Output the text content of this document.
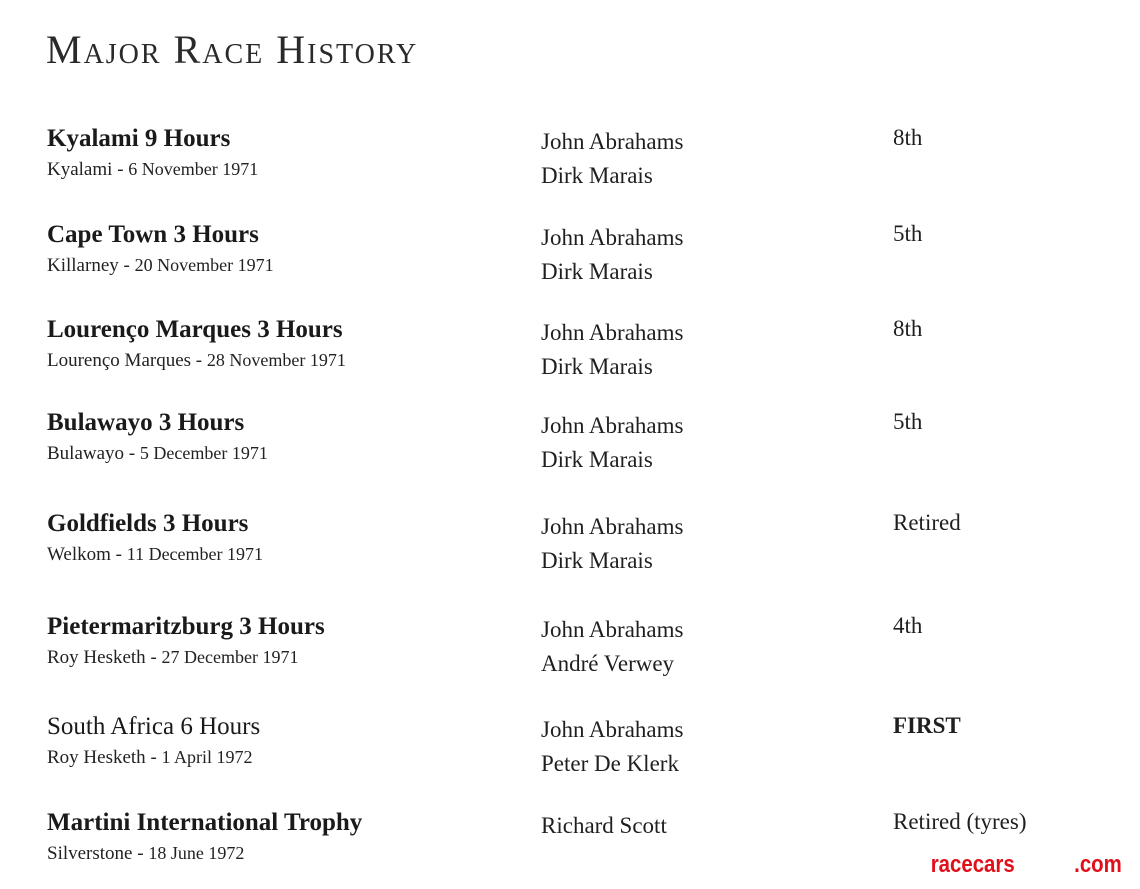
Major Race History
Kyalami 9 Hours
Kyalami - 6 November 1971
John Abrahams
Dirk Marais
8th
Cape Town 3 Hours
Killarney - 20 November 1971
John Abrahams
Dirk Marais
5th
Lourenço Marques 3 Hours
Lourenço Marques - 28 November 1971
John Abrahams
Dirk Marais
8th
Bulawayo 3 Hours
Bulawayo - 5 December 1971
John Abrahams
Dirk Marais
5th
Goldfields 3 Hours
Welkom - 11 December 1971
John Abrahams
Dirk Marais
Retired
Pietermaritzburg 3 Hours
Roy Hesketh - 27 December 1971
John Abrahams
André Verwey
4th
South Africa 6 Hours
Roy Hesketh - 1 April 1972
John Abrahams
Peter De Klerk
FIRST
Martini International Trophy
Silverstone - 18 June 1972
Richard Scott	Retired (tyres)
racecars .com
